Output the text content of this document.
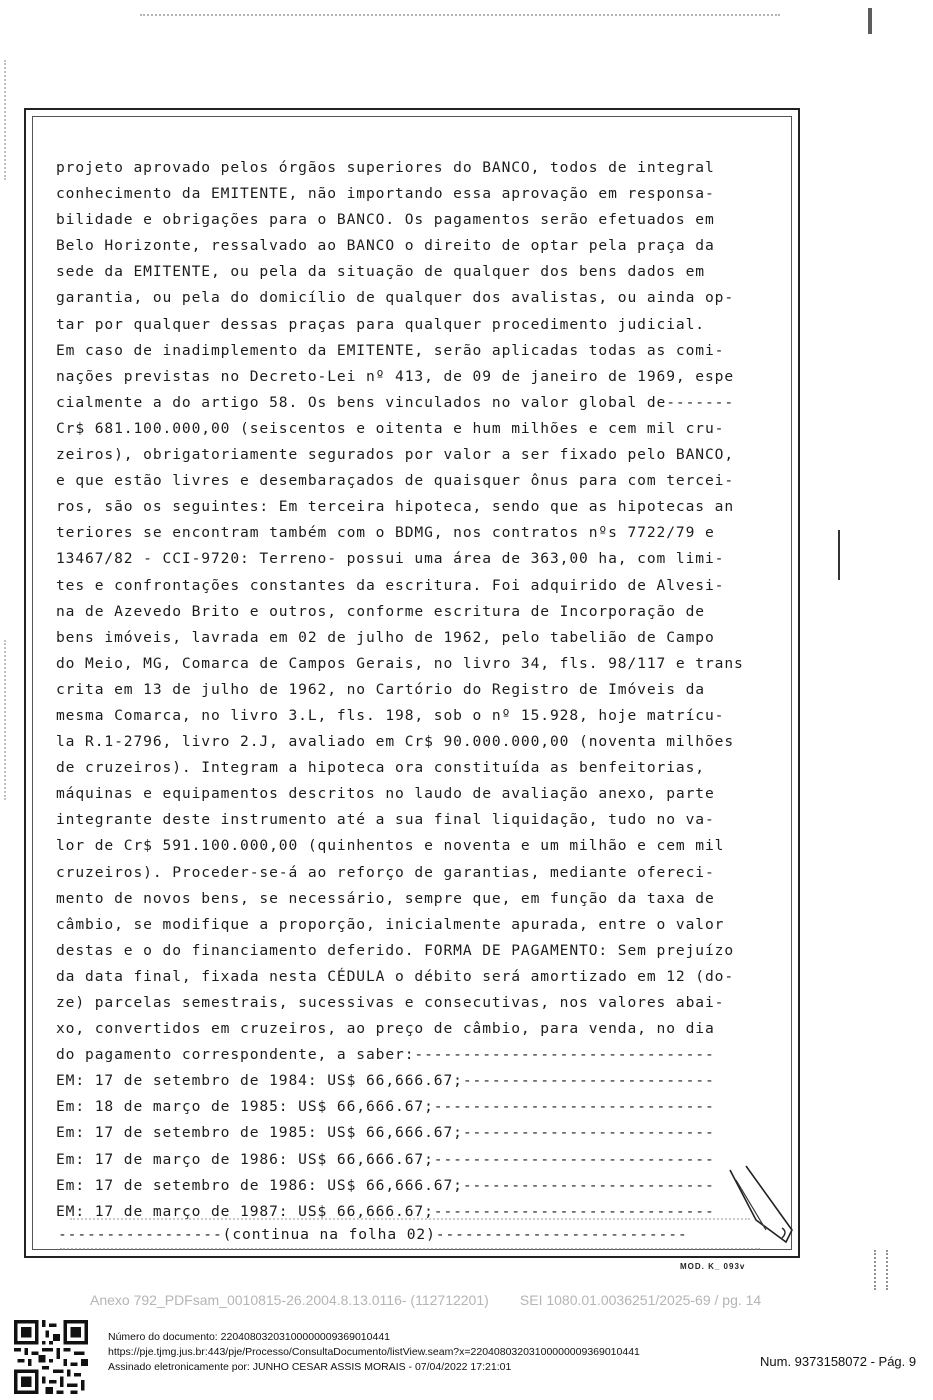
projeto aprovado pelos órgãos superiores do BANCO, todos de integral
conhecimento da EMITENTE, não importando essa aprovação em responsa-
bilidade e obrigações para o BANCO. Os pagamentos serão efetuados em
Belo Horizonte, ressalvado ao BANCO o direito de optar pela praça da
sede da EMITENTE, ou pela da situação de qualquer dos bens dados em
garantia, ou pela do domicílio de qualquer dos avalistas, ou ainda op-
tar por qualquer dessas praças para qualquer procedimento judicial.
Em caso de inadimplemento da EMITENTE, serão aplicadas todas as comi-
nações previstas no Decreto-Lei nº 413, de 09 de janeiro de 1969, espe
cialmente a do artigo 58. Os bens vinculados no valor global de-------
Cr$ 681.100.000,00 (seiscentos e oitenta e hum milhões e cem mil cru-
zeiros), obrigatoriamente segurados por valor a ser fixado pelo BANCO,
e que estão livres e desembaraçados de quaisquer ônus para com tercei-
ros, são os seguintes: Em terceira hipoteca, sendo que as hipotecas an
teriores se encontram também com o BDMG, nos contratos nºs 7722/79 e
13467/82 - CCI-9720: Terreno- possui uma área de 363,00 ha, com limi-
tes e confrontações constantes da escritura. Foi adquirido de Alvesi-
na de Azevedo Brito e outros, conforme escritura de Incorporação de
bens imóveis, lavrada em 02 de julho de 1962, pelo tabelião de Campo
do Meio, MG, Comarca de Campos Gerais, no livro 34, fls. 98/117 e trans
crita em 13 de julho de 1962, no Cartório do Registro de Imóveis da
mesma Comarca, no livro 3.L, fls. 198, sob o nº 15.928, hoje matrícu-
la R.1-2796, livro 2.J, avaliado em Cr$ 90.000.000,00 (noventa milhões
de cruzeiros). Integram a hipoteca ora constituída as benfeitorias,
máquinas e equipamentos descritos no laudo de avaliação anexo, parte
integrante deste instrumento até a sua final liquidação, tudo no va-
lor de Cr$ 591.100.000,00 (quinhentos e noventa e um milhão e cem mil
cruzeiros). Proceder-se-á ao reforço de garantias, mediante ofereci-
mento de novos bens, se necessário, sempre que, em função da taxa de
câmbio, se modifique a proporção, inicialmente apurada, entre o valor
destas e o do financiamento deferido. FORMA DE PAGAMENTO: Sem prejuízo
da data final, fixada nesta CÉDULA o débito será amortizado em 12 (do-
ze) parcelas semestrais, sucessivas e consecutivas, nos valores abai-
xo, convertidos em cruzeiros, ao preço de câmbio, para venda, no dia
do pagamento correspondente, a saber:-------------------------------
EM: 17 de setembro de 1984: US$ 66,666.67;--------------------------
Em: 18 de março de 1985: US$ 66,666.67;-----------------------------
Em: 17 de setembro de 1985: US$ 66,666.67;--------------------------
Em: 17 de março de 1986: US$ 66,666.67;-----------------------------
Em: 17 de setembro de 1986: US$ 66,666.67;--------------------------
EM: 17 de março de 1987: US$ 66,666.67;-----------------------------
-----------------(continua na folha 02)--------------------------
MOD. K_ 093v
Anexo 792_PDFsam_0010815-26.2004.8.13.0116- (112712201)        SEI 1080.01.0036251/2025-69 / pg. 14
Número do documento: 22040803203100000009369010441
https://pje.tjmg.jus.br:443/pje/Processo/ConsultaDocumento/listView.seam?x=22040803203100000009369010441
Assinado eletronicamente por: JUNHO CESAR ASSIS MORAIS - 07/04/2022 17:21:01	Num. 9373158072 - Pág. 9
